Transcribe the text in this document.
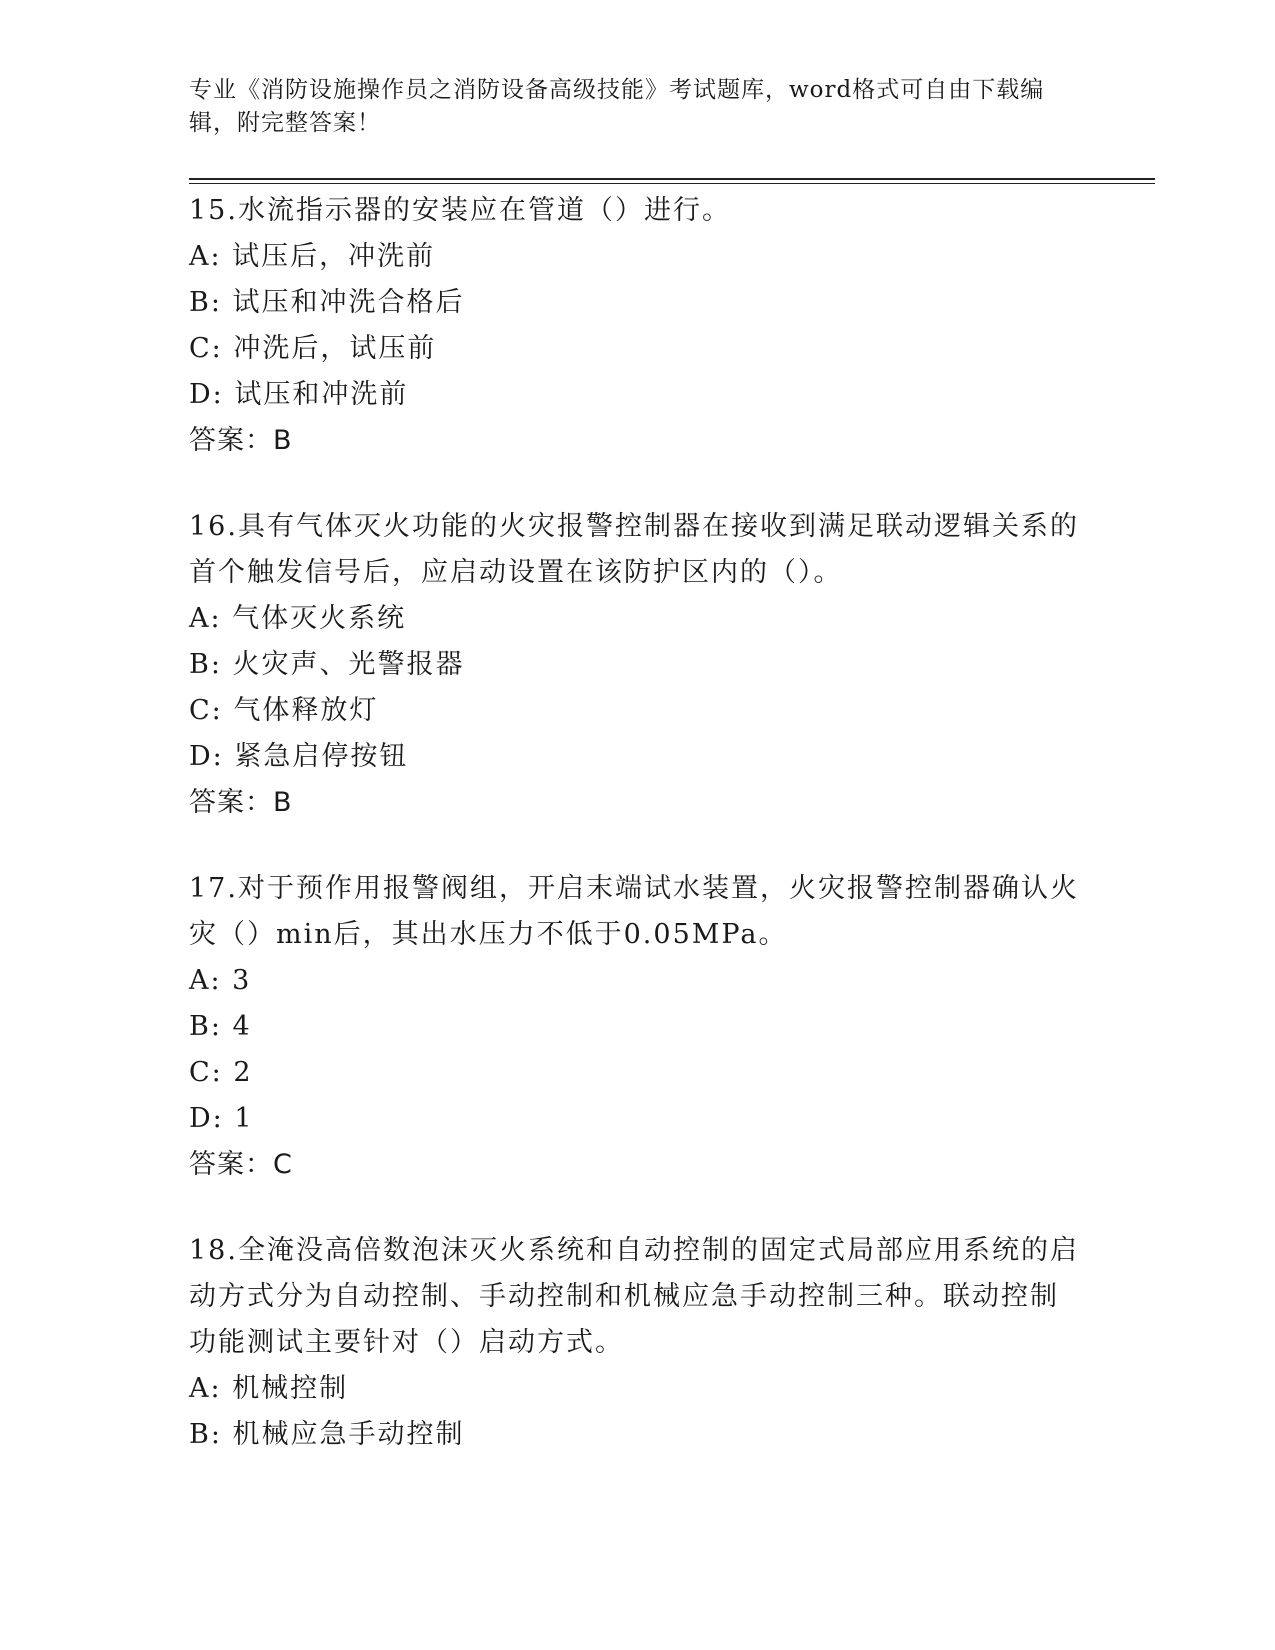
专业《消防设施操作员之消防设备高级技能》考试题库，word格式可自由下载编
辑，附完整答案！
15.水流指示器的安装应在管道（）进行。
A: 试压后，冲洗前
B: 试压和冲洗合格后
C: 冲洗后，试压前
D: 试压和冲洗前
答案：B
16.具有气体灭火功能的火灾报警控制器在接收到满足联动逻辑关系的
首个触发信号后，应启动设置在该防护区内的（）。
A: 气体灭火系统
B: 火灾声、光警报器
C: 气体释放灯
D: 紧急启停按钮
答案：B
17.对于预作用报警阀组，开启末端试水装置，火灾报警控制器确认火
灾（）min后，其出水压力不低于0.05MPa。
A: 3
B: 4
C: 2
D: 1
答案：C
18.全淹没高倍数泡沫灭火系统和自动控制的固定式局部应用系统的启
动方式分为自动控制、手动控制和机械应急手动控制三种。联动控制
功能测试主要针对（）启动方式。
A: 机械控制
B: 机械应急手动控制
